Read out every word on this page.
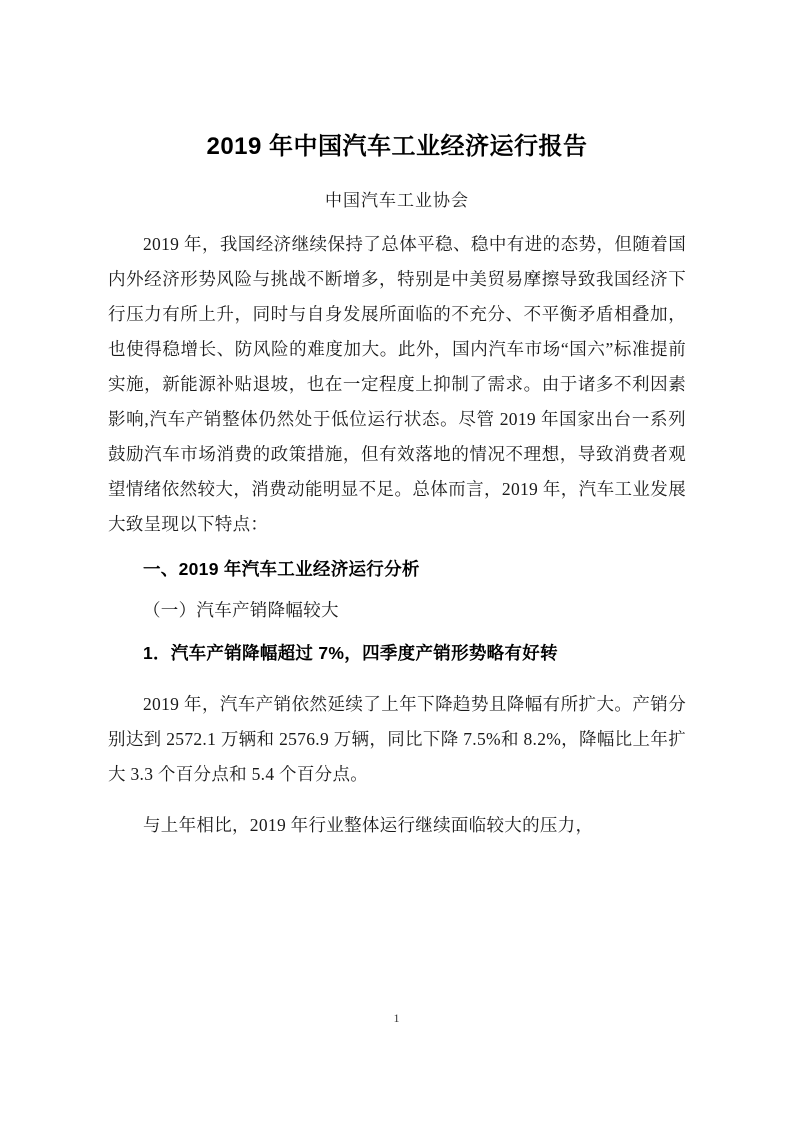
2019 年中国汽车工业经济运行报告
中国汽车工业协会

2019 年，我国经济继续保持了总体平稳、稳中有进的态势，但随着国内外经济形势风险与挑战不断增多，特别是中美贸易摩擦导致我国经济下行压力有所上升，同时与自身发展所面临的不充分、不平衡矛盾相叠加，也使得稳增长、防风险的难度加大。此外，国内汽车市场“国六”标准提前实施，新能源补贴退坡，也在一定程度上抑制了需求。由于诸多不利因素影响,汽车产销整体仍然处于低位运行状态。尽管 2019 年国家出台一系列鼓励汽车市场消费的政策措施，但有效落地的情况不理想，导致消费者观望情绪依然较大，消费动能明显不足。总体而言，2019 年，汽车工业发展大致呈现以下特点：

一、2019 年汽车工业经济运行分析

（一）汽车产销降幅较大

1．汽车产销降幅超过 7%，四季度产销形势略有好转

2019 年，汽车产销依然延续了上年下降趋势且降幅有所扩大。产销分别达到 2572.1 万辆和 2576.9 万辆，同比下降 7.5%和 8.2%，降幅比上年扩大 3.3 个百分点和 5.4 个百分点。

与上年相比，2019 年行业整体运行继续面临较大的压力，

1
